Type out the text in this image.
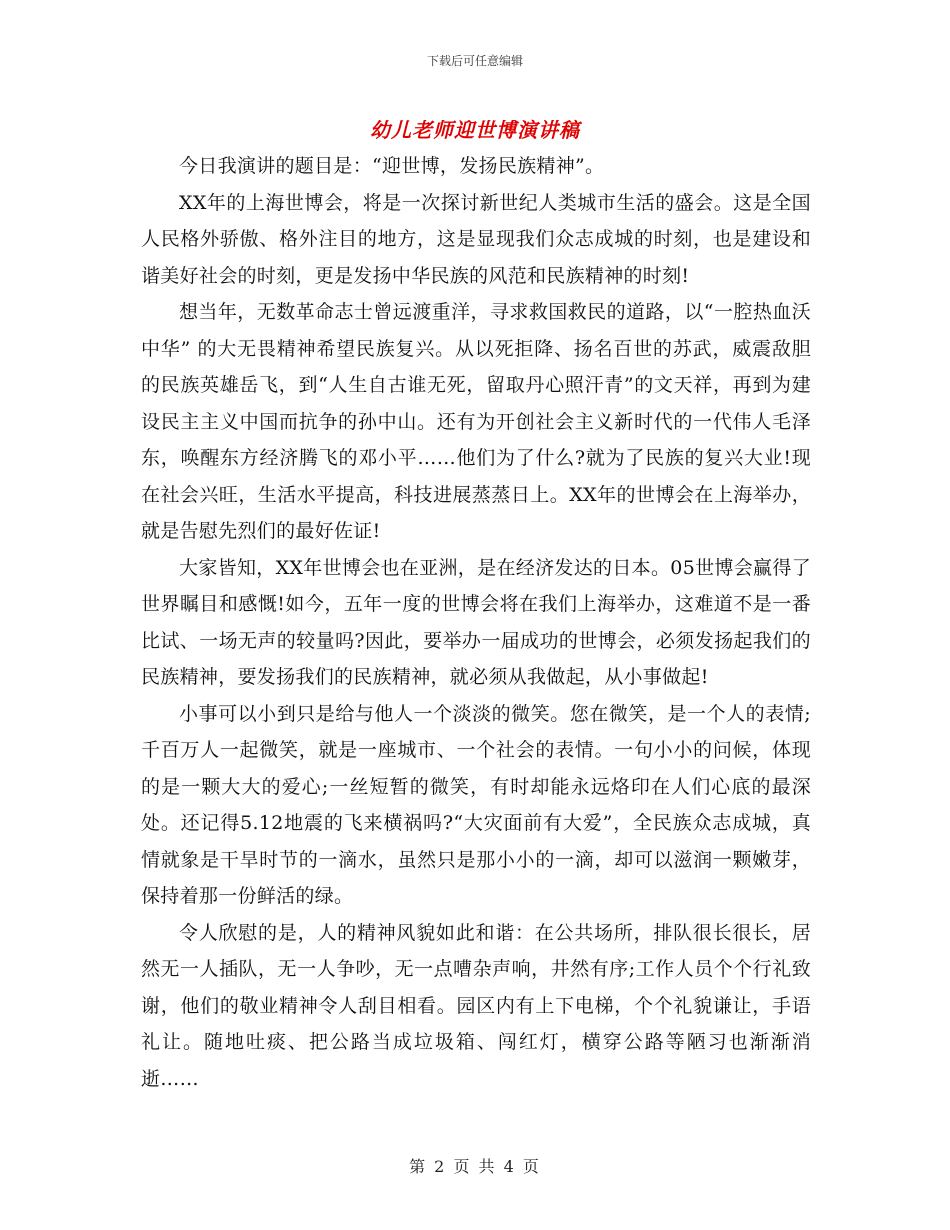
下载后可任意编辑
幼儿老师迎世博演讲稿

今日我演讲的题目是：“迎世博，发扬民族精神”。

XX年的上海世博会，将是一次探讨新世纪人类城市生活的盛会。这是全国人民格外骄傲、格外注目的地方，这是显现我们众志成城的时刻，也是建设和谐美好社会的时刻，更是发扬中华民族的风范和民族精神的时刻!

想当年，无数革命志士曾远渡重洋，寻求救国救民的道路，以“一腔热血沃中华” 的大无畏精神希望民族复兴。从以死拒降、扬名百世的苏武，威震敌胆的民族英雄岳飞，到“人生自古谁无死，留取丹心照汗青”的文天祥，再到为建设民主主义中国而抗争的孙中山。还有为开创社会主义新时代的一代伟人毛泽东，唤醒东方经济腾飞的邓小平……他们为了什么?就为了民族的复兴大业!现在社会兴旺，生活水平提高，科技进展蒸蒸日上。XX年的世博会在上海举办，就是告慰先烈们的最好佐证!

大家皆知，XX年世博会也在亚洲，是在经济发达的日本。05世博会赢得了世界瞩目和感慨!如今，五年一度的世博会将在我们上海举办，这难道不是一番比试、一场无声的较量吗?因此，要举办一届成功的世博会，必须发扬起我们的民族精神，要发扬我们的民族精神，就必须从我做起，从小事做起!

小事可以小到只是给与他人一个淡淡的微笑。您在微笑，是一个人的表情;千百万人一起微笑，就是一座城市、一个社会的表情。一句小小的问候，体现的是一颗大大的爱心;一丝短暂的微笑，有时却能永远烙印在人们心底的最深处。还记得5.12地震的飞来横祸吗?“大灾面前有大爱”，全民族众志成城，真情就象是干旱时节的一滴水，虽然只是那小小的一滴，却可以滋润一颗嫩芽，保持着那一份鲜活的绿。

令人欣慰的是，人的精神风貌如此和谐：在公共场所，排队很长很长，居然无一人插队，无一人争吵，无一点嘈杂声响，井然有序;工作人员个个行礼致谢，他们的敬业精神令人刮目相看。园区内有上下电梯，个个礼貌谦让，手语礼让。随地吐痰、把公路当成垃圾箱、闯红灯，横穿公路等陋习也渐渐消逝……

第 2 页 共 4 页
